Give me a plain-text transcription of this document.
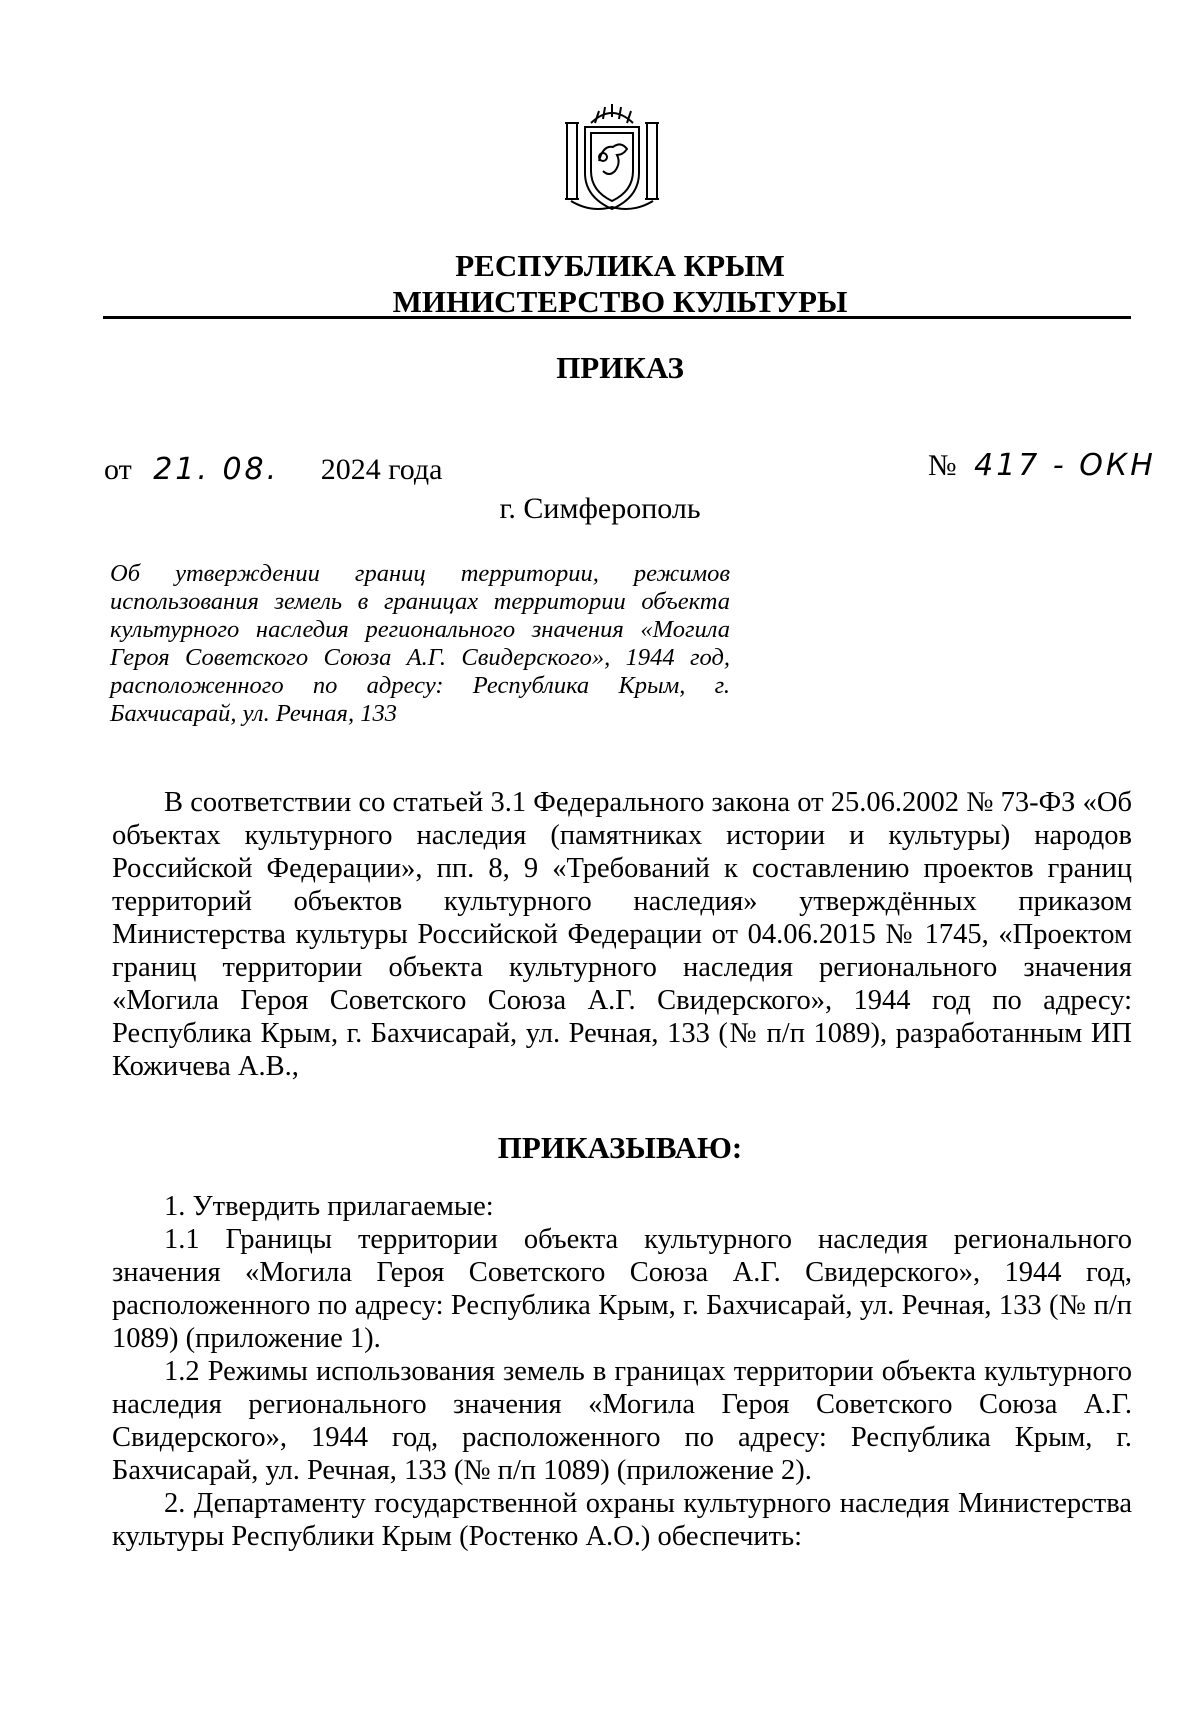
РЕСПУБЛИКА КРЫМ
МИНИСТЕРСТВО КУЛЬТУРЫ
ПРИКАЗ
от 21. 08. 2024 года	№ 417 - ОКН
г. Симферополь
Об утверждении границ территории, режимов использования земель в границах территории объекта культурного наследия регионального значения «Могила Героя Советского Союза А.Г. Свидерского», 1944 год, расположенного по адресу: Республика Крым, г. Бахчисарай, ул. Речная, 133
В соответствии со статьей 3.1 Федерального закона от 25.06.2002 № 73-ФЗ «Об объектах культурного наследия (памятниках истории и культуры) народов Российской Федерации», пп. 8, 9 «Требований к составлению проектов границ территорий объектов культурного наследия» утверждённых приказом Министерства культуры Российской Федерации от 04.06.2015 № 1745, «Проектом границ территории объекта культурного наследия регионального значения «Могила Героя Советского Союза А.Г. Свидерского», 1944 год по адресу: Республика Крым, г. Бахчисарай, ул. Речная, 133 (№ п/п 1089), разработанным ИП Кожичева А.В.,
ПРИКАЗЫВАЮ:

1. Утвердить прилагаемые:

1.1 Границы территории объекта культурного наследия регионального значения «Могила Героя Советского Союза А.Г. Свидерского», 1944 год, расположенного по адресу: Республика Крым, г. Бахчисарай, ул. Речная, 133 (№ п/п 1089) (приложение 1).

1.2 Режимы использования земель в границах территории объекта культурного наследия регионального значения «Могила Героя Советского Союза А.Г. Свидерского», 1944 год, расположенного по адресу: Республика Крым, г. Бахчисарай, ул. Речная, 133 (№ п/п 1089) (приложение 2).

2. Департаменту государственной охраны культурного наследия Министерства культуры Республики Крым (Ростенко А.О.) обеспечить:
